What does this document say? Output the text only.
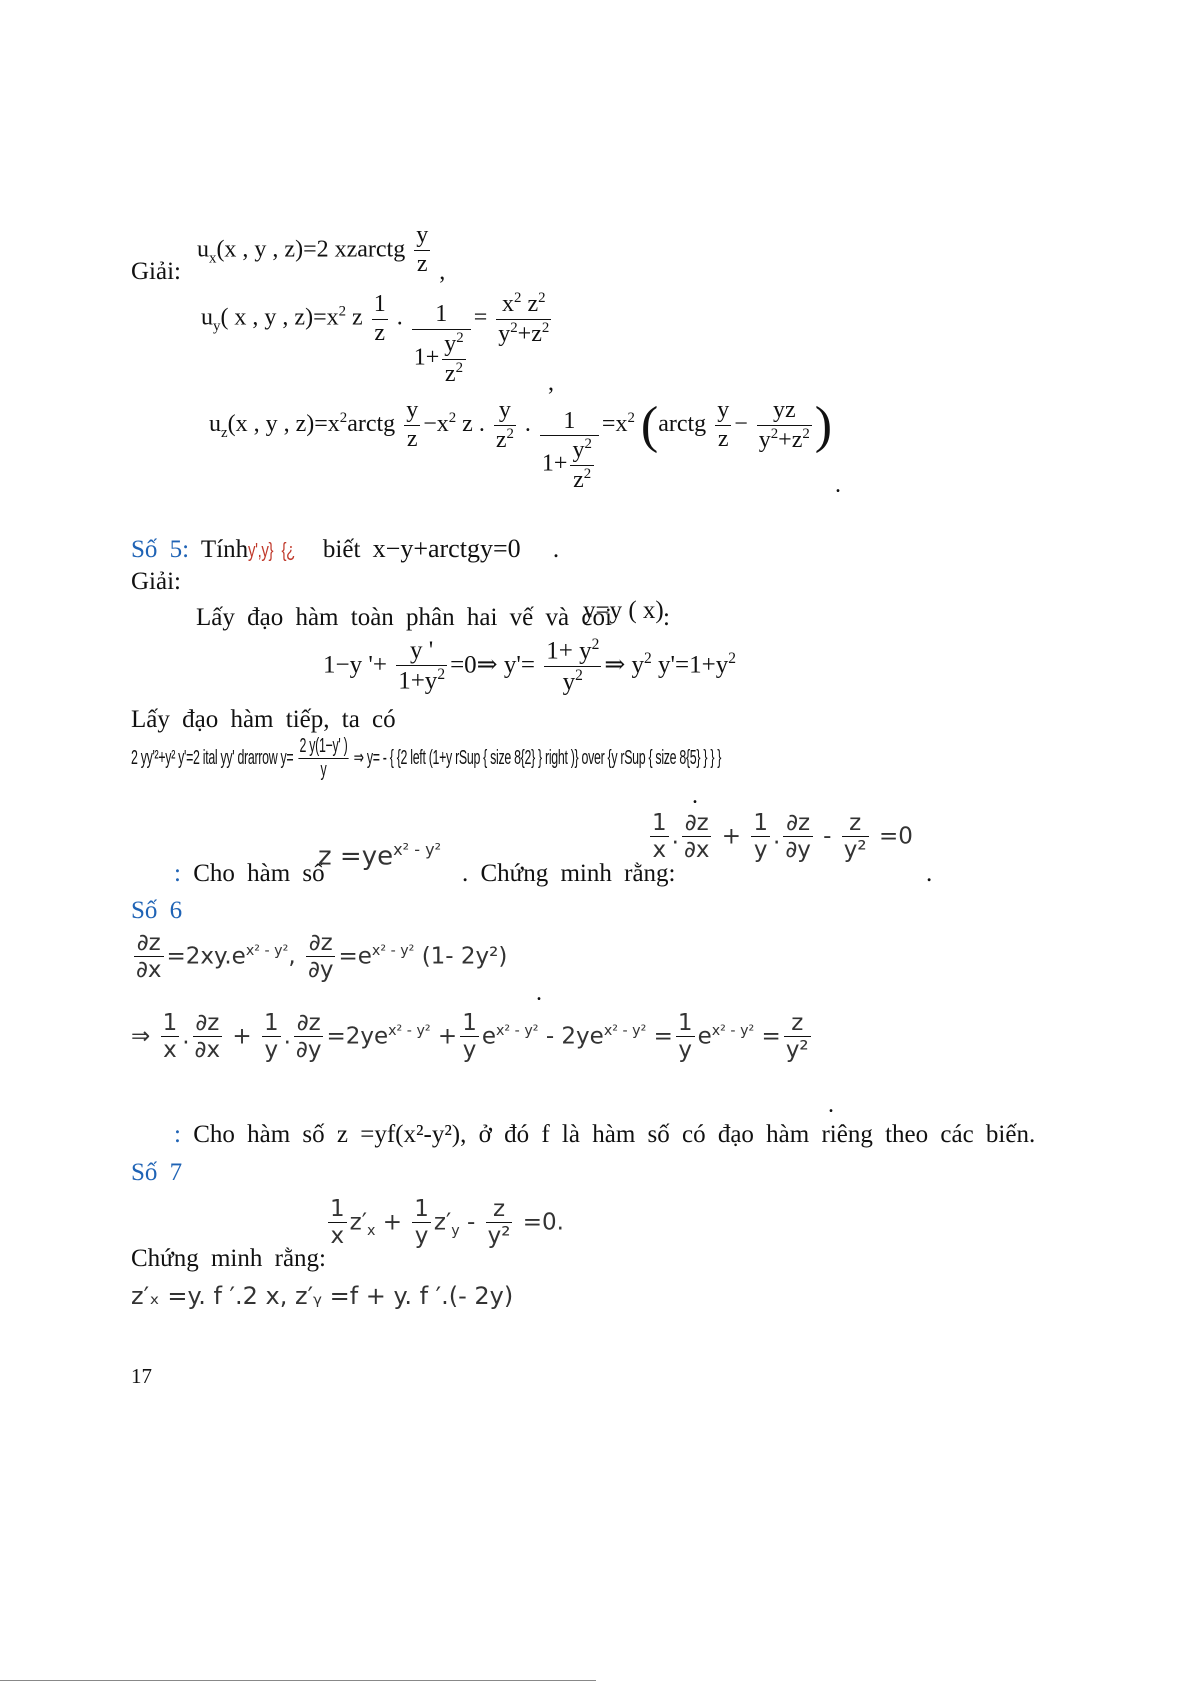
Giải:
$u_x(x$ , y , z)=2 xzarctg $\frac{y}{z}$ ,
$u_y$( x , y , $z)=x^2$ z $\frac{1}{z}$ . $\frac{1}{1+ \frac{y^2}{z^2}} = \frac{x^2 z^2}{y^2+z^2}$
,
$u_z(x$ , y , $z)=x^2arctg \frac{y}{z} -x^2$ z . $\frac{y}{z^2}$ . $\frac{1}{1+ \frac{y^2}{z^2}} =x^2$ (arctg $\frac{y}{z} - \frac{yz}{y^2+z^2}$ )
.
Số 5: Tínhy',y} {¿ biết x−y+arctgy=0 .
Giải:
Lấy đạo hàm toàn phân hai vế và coi
y=y ( x) :
1−y '+ $\frac{y '}{1+y^2}$ =0⇒ $y'= \frac{1+ y^2}{y^2}$ ⇒ $y^2$ $y'=1+y^2$
Lấy đạo hàm tiếp, ta có
2 yy'²+y² y'=2 ital yy' drarrow $y= \frac{2 y(1-y' )}{y}$ ⇒ y= - { {2 left (1+y rSup { size 8{2} } right )} over {y rSup { size 8{5} } } }
.
: Cho hàm số
$z =ye^{x^2 - y^2}$
. Chứng minh rằng:	.
$\frac{1}{x}$ . $\frac{\partial z}{\partial x} + \frac{1}{y}$ . $\frac{\partial z}{\partial y} - \frac{z}{\text{y²}} =0$
Số 6
$\frac{\partial z}{\partial x} =2xy.e^{x^2 - y^2}$, $\frac{\partial z}{\partial y} =e^{x^2 - y^2}$ (1- 2y²)
.
⇒ $\frac{1}{x}$ . $\frac{\partial z}{\partial x} + \frac{1}{y}$ . $\frac{\partial z}{\partial y} =2ye^{x^2 - y^2} + \frac{1}{y} e^{x^2 - y^2} - 2ye^{x^2 - y^2} = \frac{1}{y} e^{x^2 - y^2} = \frac{z}{\text{y²}}$
.
: Cho hàm số z =yf(x²-y²), ở đó f là hàm số có đạo hàm riêng theo các biến.
Số 7
$\frac{1}{x} z'_x + \frac{1}{y} z'_y - \frac{z}{\text{y²}} =0$.
Chứng minh rằng:
z′ₓ =y. f ′.2 x, z′ᵧ =f + y. f ′.(- 2y)
17
